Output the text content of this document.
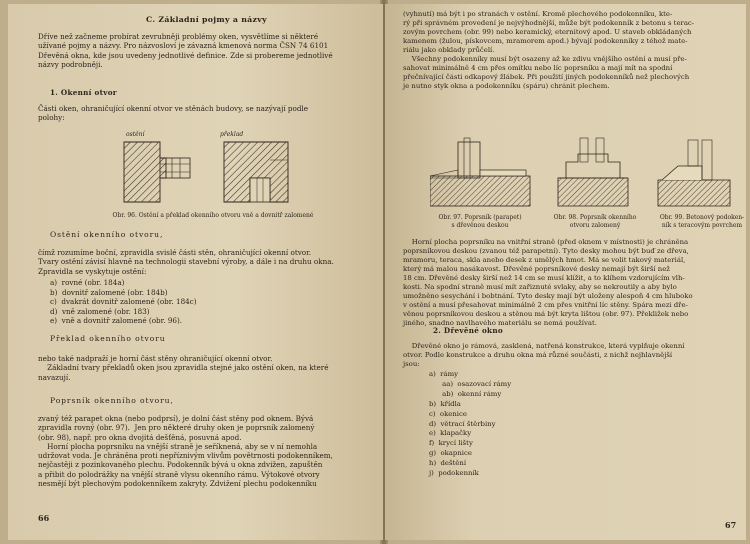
C. Základní pojmy a názvy
Dříve než začneme probírat zevrubněji problémy oken, vysvětlíme si některé
užívané pojmy a názvy. Pro názvosloví je závazná kmenová norma ČSN 74 6101
Dřevěná okna, kde jsou uvedeny jednotlivé definice. Zde si probereme jednotlivé
názvy podrobněji.
1. Okenní otvor
Části oken, ohraničující okenní otvor ve stěnách budovy, se nazývají podle
polohy:
ostění	překlad
Obr. 96. Ostění a překlad okenního otvoru vně a dovnitř zalomené
Ostění okenního otvoru,
čímž rozumíme boční, zpravidla svislé části stěn, ohraničující okenní otvor.
Tvary ostění závisí hlavně na technologii stavební výroby, a dále i na druhu okna.
Zpravidla se vyskytuje ostění:
a)  rovné (obr. 184a)
b)  dovnitř zalomené (obr. 184b)
c)  dvakrát dovnitř zalomené (obr. 184c)
d)  vně zalomené (obr. 183)
e)  vně a dovnitř zalomené (obr. 96).
Překlad okenního otvoru
nebo také nadpraží je horní část stěny ohraničující okenní otvor.
Základní tvary překladů oken jsou zpravidla stejné jako ostění oken, na které
navazují.
Poprsník okenního otvoru,
zvaný též parapet okna (nebo podprsí), je dolní část stěny pod oknem. Bývá
zpravidla rovný (obr. 97).  Jen pro některé druhy oken je poprsník zalomený
(obr. 98), např. pro okna dvojitá dešťěná, posuvná apod.
Horní plocha poprsníku na vnější straně je seříknená, aby se v ní nemohla
udržovat voda. Je chráněna proti nepříznivým vlivům povětrnosti podokenníkem,
nejčastěji z pozinkovaného plechu. Podokenník bývá u okna zdvižen, zapuštěn
a přibit do polodrážky na vnější straně vlysu okenního rámu. Výtokové otvory
nesmějí být plechovým podokenníkem zakryty. Zdvižení plechu podokenníku
66
(vyhnutí) má být i po stranách v ostění. Kromě plechového podokenníku, kte-
rý při správném provedení je nejvýhodnější, může být podokenník z betonu s terac-
zovým povrchem (obr. 99) nebo keramický, eternitový apod. U staveb obkládaných
kamenem (žulou, pískovcem, mramorem apod.) bývají podokenníky z téhož mate-
riálu jako obklady průčelí.
Všechny podokenníky musí být osazeny až ke zdivu vnějšího ostění a musí pře-
sahovat minimálně 4 cm přes omítku nebo líc poprsníku a mají mít na spodní
přečnívající části odkapový žlábek. Při použití jiných podokenníků než plechových
je nutno styk okna a podokenníku (spáru) chránit plechem.
Obr. 97. Poprsník (parapet)
s dřevěnou deskou
Obr. 98. Poprsník okenního
otvoru zalomený
Obr. 99. Betonový podoken-
ník s teracovým povrchem
Horní plocha poprsníku na vnitřní straně (před oknem v místnosti) je chráněna
poprsníkovou deskou (zvanou též parapetní). Tyto desky mohou být buď ze dřeva,
mramoru, teracа, skla anebo desek z umělých hmot. Má se volit takový materiál,
který má malou nasákavost. Dřevěné poprsníkové desky nemají být širší než
18 cm. Dřevěné desky širší než 14 cm se musí klížit, a to klíhem vzdorujícím vlh-
kosti. Na spodní straně musí mít zařiznuté svlaky, aby se nekroutily a aby bylo
umožněno sesychání i bobtnání. Tyto desky mají být uloženy alespoň 4 cm hluboko
v ostění a musí přesahovat minimálně 2 cm přes vnitřní líc stěny. Spára mezi dře-
věnou poprsníkovou deskou a stěnou má být kryta lištou (obr. 97). Překližek nebo
jiného, snadno navlhavého materiálu se nemá používat.
2. Dřevěné okno
Dřevěné okno je rámová, zasklená, natřená konstrukce, která vyplňuje okenní
otvor. Podle konstrukce a druhu okna má různé součásti, z nichž nejhlavnější
jsou:
a)  rámy
aa)  osazovací rámy
ab)  okenní rámy
b)  křídla
c)  okenice
d)  větrací štěrbiny
e)  klapačky
f)  krycí lišty
g)  okapnice
h)  deštění
j)  podokenník
67
